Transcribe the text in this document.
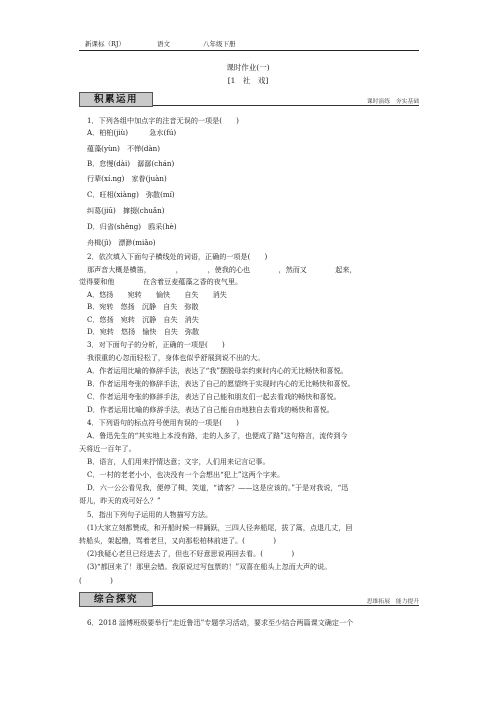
新课标（RJ）	语文	八年级下册
课时作业(一)
[1　社　戏]
积累运用	课时演练　夯实基础
1．下列各组中加点字的注音无误的一项是(　　)
A．柏桕(jiù)　　　急水(fú)
蕴藻(yùn)　不惮(dàn)
B．怠慢(dài)　潺潺(chán)
行辈(xí.ng)　家眷(juàn)
C．旺相(xiàng)　弥散(mí)
纠葛(jiū)　撺掇(chuǎn)
D．归省(shěng)　鸥采(hè)
舟楫(jì)　漂渺(miǎo)
2．依次填入下面句子横线处的词语，正确的一项是(　　)
那声音大概是横笛，　　　　，　　　　，使我的心也　　　　，然而又　　　　起来，
觉得要和他　　　　在含着豆麦蕴藻之香的夜气里。
A．悠扬　　宛转　　愉快　　自失　　消失
B．宛转　悠扬　沉静　自失　弥散
C．悠扬　宛转　沉静　自失　消失
D．宛转　悠扬　愉快　自失　弥散
3．对下面句子的分析，正确的一项是(　　)
我很重的心忽而轻松了，身体也似乎舒展到说不出的大。
A．作者运用比喻的修辞手法，表达了“我”摆脱母亲约束时内心的无比畅快和喜悦。
B．作者运用夸张的修辞手法，表达了自己的愿望终于实现时内心的无比畅快和喜悦。
C．作者运用夸张的修辞手法，表达了自己能和朋友们一起去看戏的畅快和喜悦。
D．作者运用比喻的修辞手法，表达了自己能自由地独自去看戏的畅快和喜悦。
4．下列语句的标点符号使用有误的一项是(　　)
A．鲁迅先生的“其实地上本没有路，走的人多了，也便成了路”这句格言，流传到今
天将近一百年了。
B．语言，人们用来抒情达意；文字，人们用来记言记事。
C．一村的老老小小，也决没有一个会想出“犯上”这两个字来。
D．六一公公看见我，便停了楫，笑道，“请客？——这是应该的。”于是对我说，“迅
哥儿，昨天的戏可好么？”
5．指出下列句子运用的人物描写方法。
(1)大家立刻都赞成，和开船时候一样踊跃，三四人径奔船尾，拔了篙，点退几丈，回
转船头，架起橹，骂着老旦，又向那松柏林前进了。(　　　　)
(2)我疑心老旦已经进去了，但也不好意思说再回去看。(　　　　)
(3)“都回来了！那里会错。我原说过写包票的！”双喜在船头上忽而大声的说。
(　　　　)
综合探究	思维拓展　能力提升
6．2018 淄博班级要举行“走近鲁迅”专题学习活动，要求至少结合两篇课文确定一个
